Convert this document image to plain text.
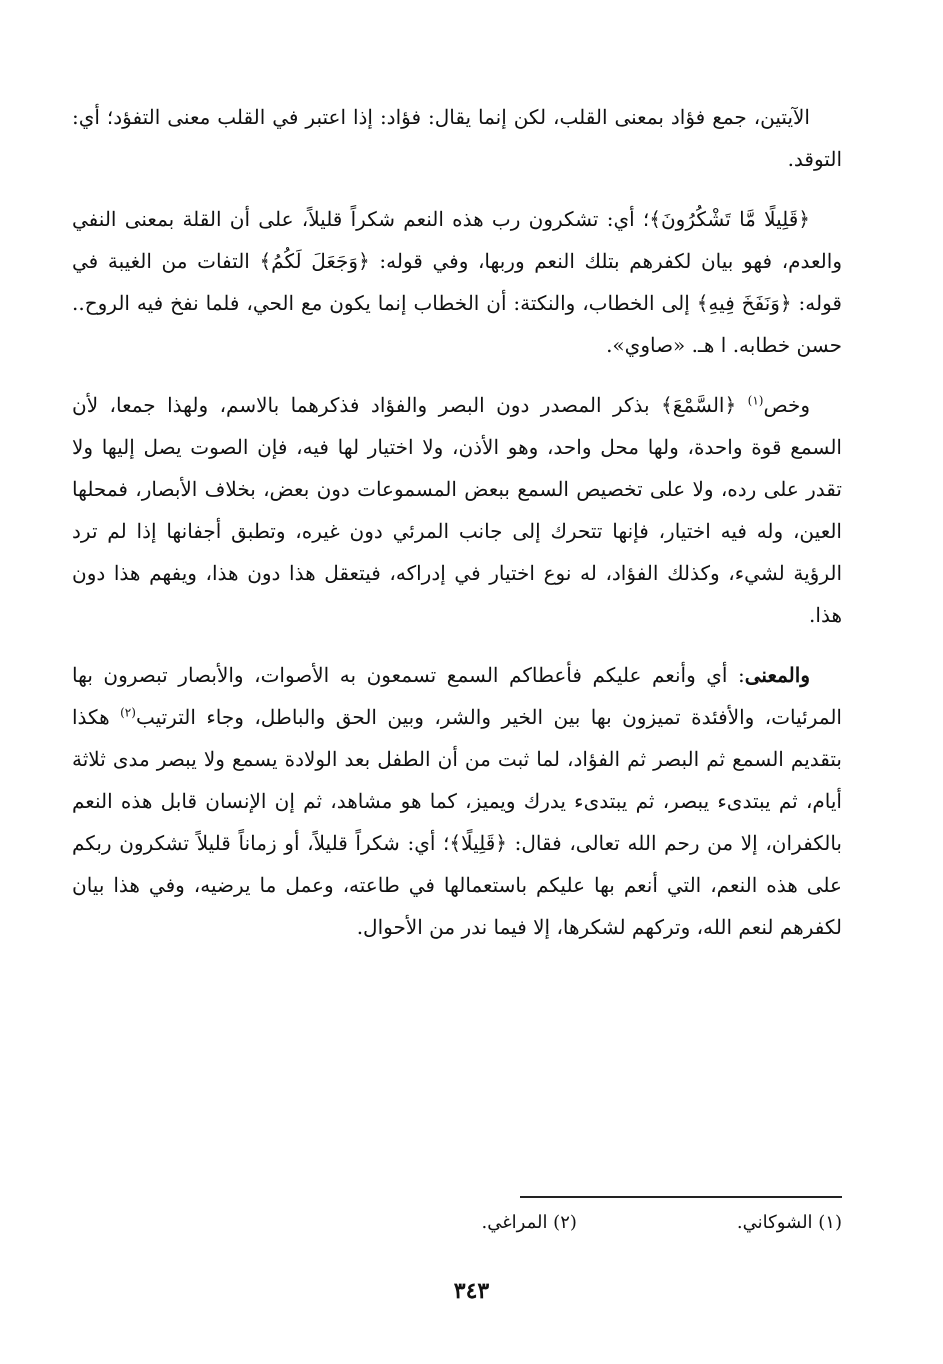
الآيتين، جمع فؤاد بمعنى القلب، لكن إنما يقال: فؤاد: إذا اعتبر في القلب معنى التفؤد؛ أي: التوقد.

﴿قَلِيلًا مَّا تَشْكُرُونَ﴾؛ أي: تشكرون رب هذه النعم شكراً قليلاً، على أن القلة بمعنى النفي والعدم، فهو بيان لكفرهم بتلك النعم وربها، وفي قوله: ﴿وَجَعَلَ لَكُمُ﴾ التفات من الغيبة في قوله: ﴿وَنَفَخَ فِيهِ﴾ إلى الخطاب، والنكتة: أن الخطاب إنما يكون مع الحي، فلما نفخ فيه الروح.. حسن خطابه. ا هـ. «صاوي».

وخص$^{(١)}$ ﴿السَّمْعَ﴾ بذكر المصدر دون البصر والفؤاد فذكرهما بالاسم، ولهذا جمعا، لأن السمع قوة واحدة، ولها محل واحد، وهو الأذن، ولا اختيار لها فيه، فإن الصوت يصل إليها ولا تقدر على رده، ولا على تخصيص السمع ببعض المسموعات دون بعض، بخلاف الأبصار، فمحلها العين، وله فيه اختيار، فإنها تتحرك إلى جانب المرئي دون غيره، وتطبق أجفانها إذا لم ترد الرؤية لشيء، وكذلك الفؤاد، له نوع اختيار في إدراكه، فيتعقل هذا دون هذا، ويفهم هذا دون هذا.

والمعنى: أي وأنعم عليكم فأعطاكم السمع تسمعون به الأصوات، والأبصار تبصرون بها المرئيات، والأفئدة تميزون بها بين الخير والشر، وبين الحق والباطل، وجاء الترتيب$^{(٢)}$ هكذا بتقديم السمع ثم البصر ثم الفؤاد، لما ثبت من أن الطفل بعد الولادة يسمع ولا يبصر مدى ثلاثة أيام، ثم يبتدىء يبصر، ثم يبتدىء يدرك ويميز، كما هو مشاهد، ثم إن الإنسان قابل هذه النعم بالكفران، إلا من رحم الله تعالى، فقال: ﴿قَلِيلًا﴾؛ أي: شكراً قليلاً، أو زماناً قليلاً تشكرون ربكم على هذه النعم، التي أنعم بها عليكم باستعمالها في طاعته، وعمل ما يرضيه، وفي هذا بيان لكفرهم لنعم الله، وتركهم لشكرها، إلا فيما ندر من الأحوال.

(١) الشوكاني.
(٢) المراغي.
٣٤٣
